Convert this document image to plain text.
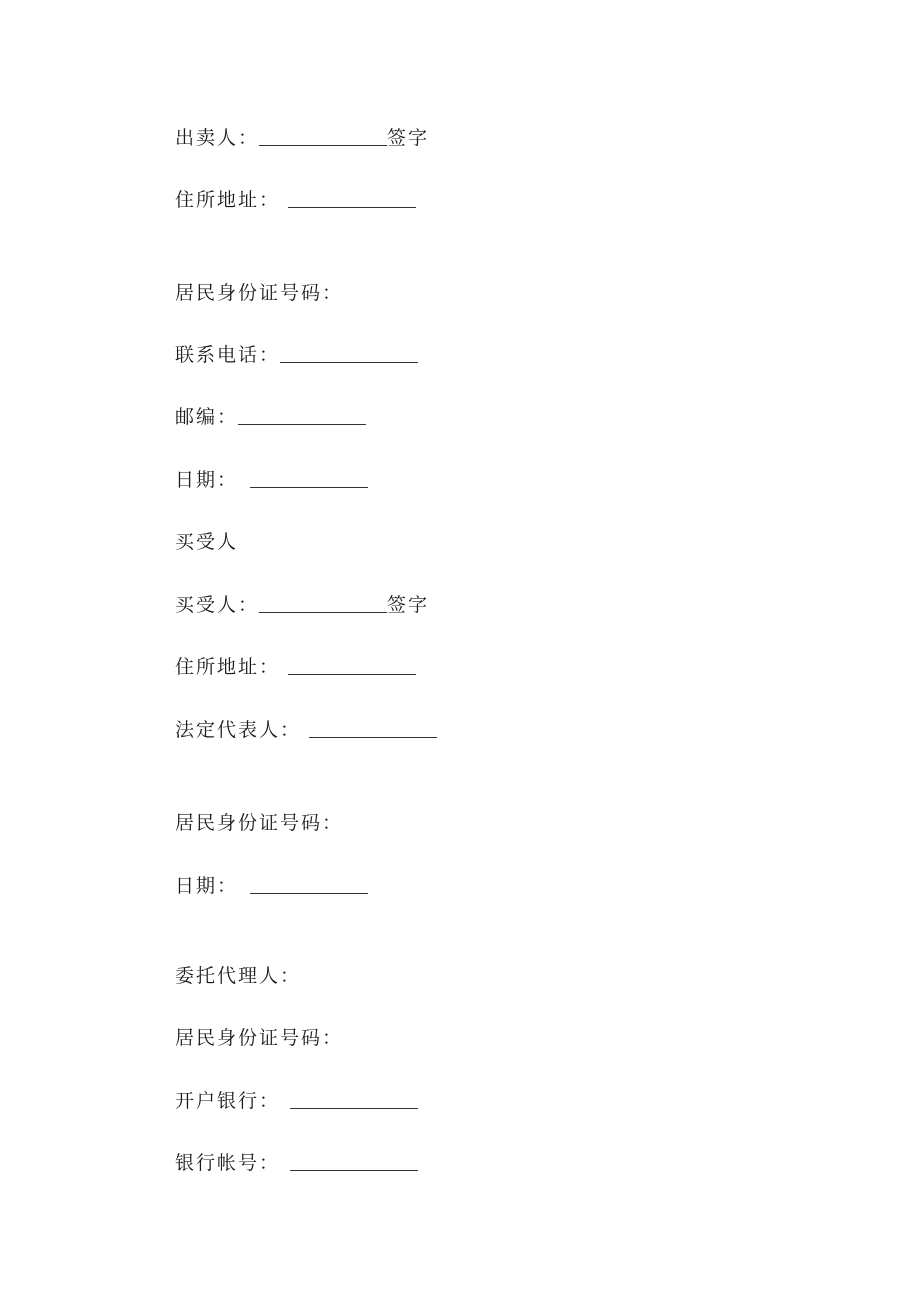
出卖人：	签字
住所地址：
居民身份证号码：
联系电话：
邮编：
日期：
买受人
买受人：	签字
住所地址：
法定代表人：
居民身份证号码：
日期：
委托代理人：
居民身份证号码：
开户银行：
银行帐号：
